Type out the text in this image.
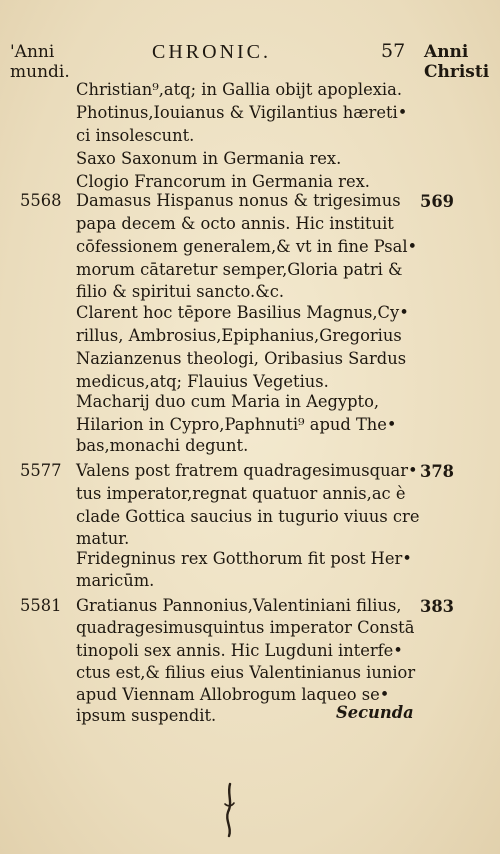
'Anni
mundi.
CHRONIC.	57 Anni
Christi
Christian⁹,atq; in Gallia obijt apoplexia.
Photinus,Iouianus & Vigilantius hæreti•
ci insolescunt.
Saxo Saxonum in Germania rex.
Clogio Francorum in Germania rex.
Damasus Hispanus nonus & trigesimus
papa decem & octo annis. Hic instituit
cōfessionem generalem,& vt in fine Psal•
morum cātaretur semper,Gloria patri &
filio & spiritui sancto.&c.
Clarent hoc tēpore Basilius Magnus,Cy•
rillus, Ambrosius,Epiphanius,Gregorius
Nazianzenus theologi, Oribasius Sardus
medicus,atq; Flauius Vegetius.
Macharij duo cum Maria in Aegypto,
Hilarion in Cypro,Paphnuti⁹ apud The•
bas,monachi degunt.
Valens post fratrem quadragesimusquar•
tus imperator,regnat quatuor annis,ac è
clade Gottica saucius in tugurio viuus cre
matur.
Fridegninus rex Gotthorum fit post Her•
maricūm.
Gratianus Pannonius,Valentiniani filius,
quadragesimusquintus imperator Constā
tinopoli sex annis. Hic Lugduni interfe•
ctus est,& filius eius Valentinianus iunior
apud Viennam Allobrogum laqueo se•
ipsum suspendit.
5568
5577
5581
569
378
383
Secunda
